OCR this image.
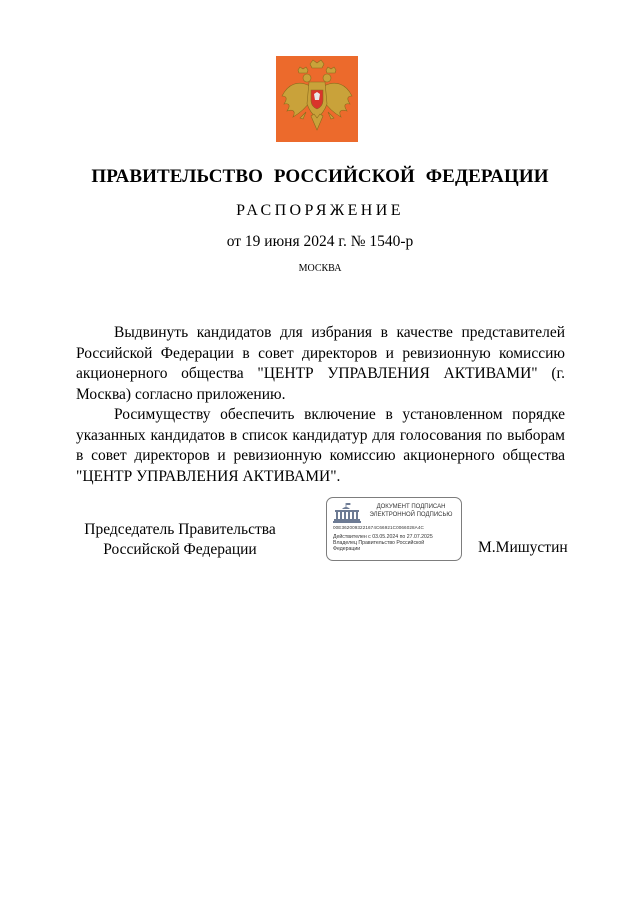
ПРАВИТЕЛЬСТВО РОССИЙСКОЙ ФЕДЕРАЦИИ
РАСПОРЯЖЕНИЕ
от 19 июня 2024 г. № 1540-р
МОСКВА

Выдвинуть кандидатов для избрания в качестве представителей Российской Федерации в совет директоров и ревизионную комиссию акционерного общества "ЦЕНТР УПРАВЛЕНИЯ АКТИВАМИ" (г. Москва) согласно приложению.

Росимуществу обеспечить включение в установленном порядке указанных кандидатов в список кандидатур для голосования по выборам в совет директоров и ревизионную комиссию акционерного общества "ЦЕНТР УПРАВЛЕНИЯ АКТИВАМИ".

Председатель Правительства
Российской Федерации
ДОКУМЕНТ ПОДПИСАН
ЭЛЕКТРОННОЙ ПОДПИСЬЮ
00E3620093221674C66921C0066028A4C
Действителен с 03.05.2024 по 27.07.2025
Владелец Правительство Российской Федерации	М.Мишустин
